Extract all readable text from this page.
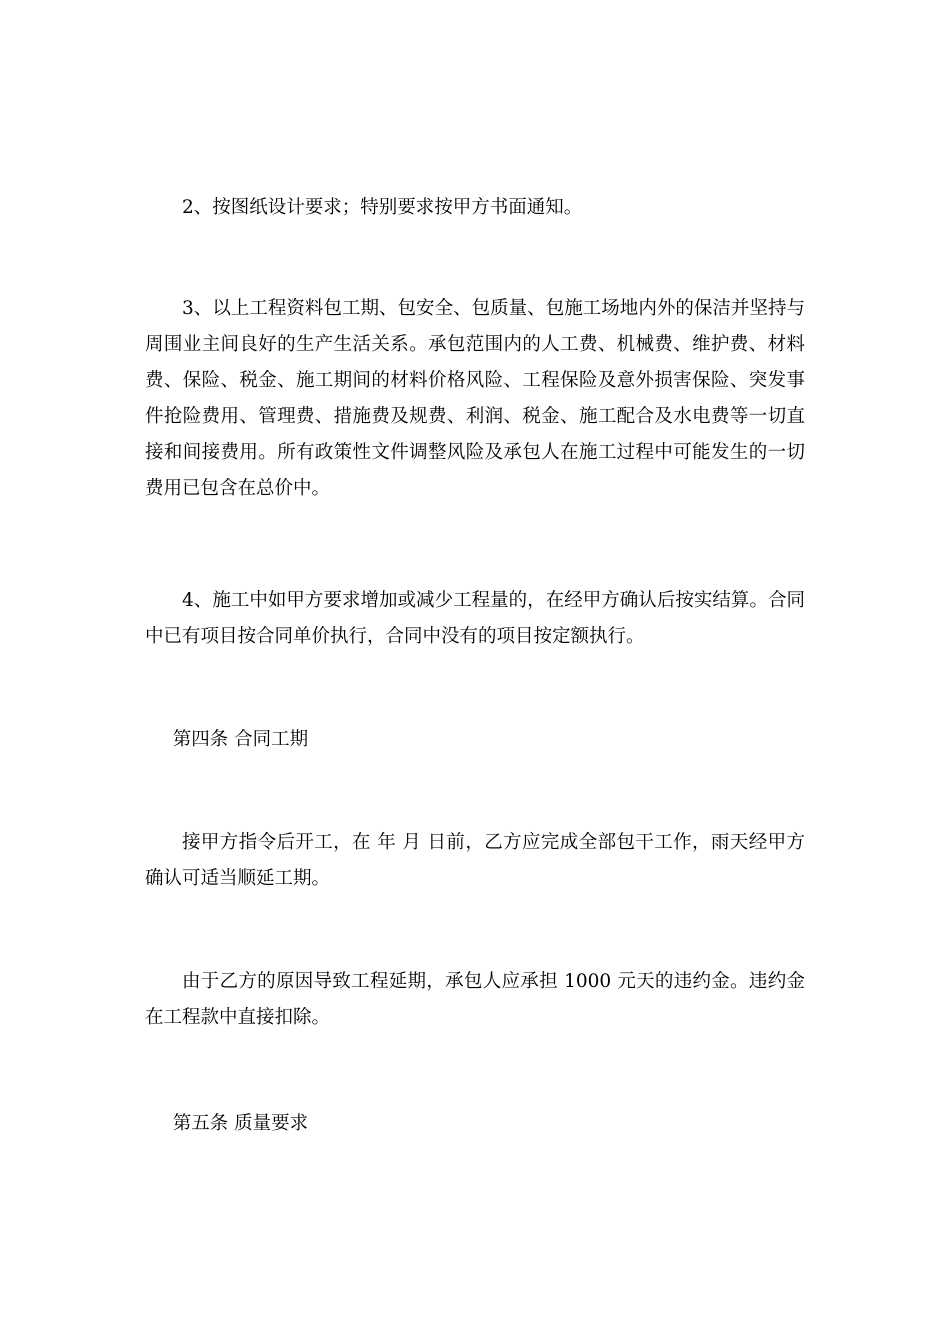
2、按图纸设计要求；特别要求按甲方书面通知。

3、以上工程资料包工期、包安全、包质量、包施工场地内外的保洁并坚持与周围业主间良好的生产生活关系。承包范围内的人工费、机械费、维护费、材料费、保险、税金、施工期间的材料价格风险、工程保险及意外损害保险、突发事件抢险费用、管理费、措施费及规费、利润、税金、施工配合及水电费等一切直接和间接费用。所有政策性文件调整风险及承包人在施工过程中可能发生的一切费用已包含在总价中。

4、施工中如甲方要求增加或减少工程量的，在经甲方确认后按实结算。合同中已有项目按合同单价执行，合同中没有的项目按定额执行。

第四条 合同工期

接甲方指令后开工，在 年 月 日前，乙方应完成全部包干工作，雨天经甲方确认可适当顺延工期。

由于乙方的原因导致工程延期，承包人应承担 1000 元天的违约金。违约金在工程款中直接扣除。

第五条 质量要求
